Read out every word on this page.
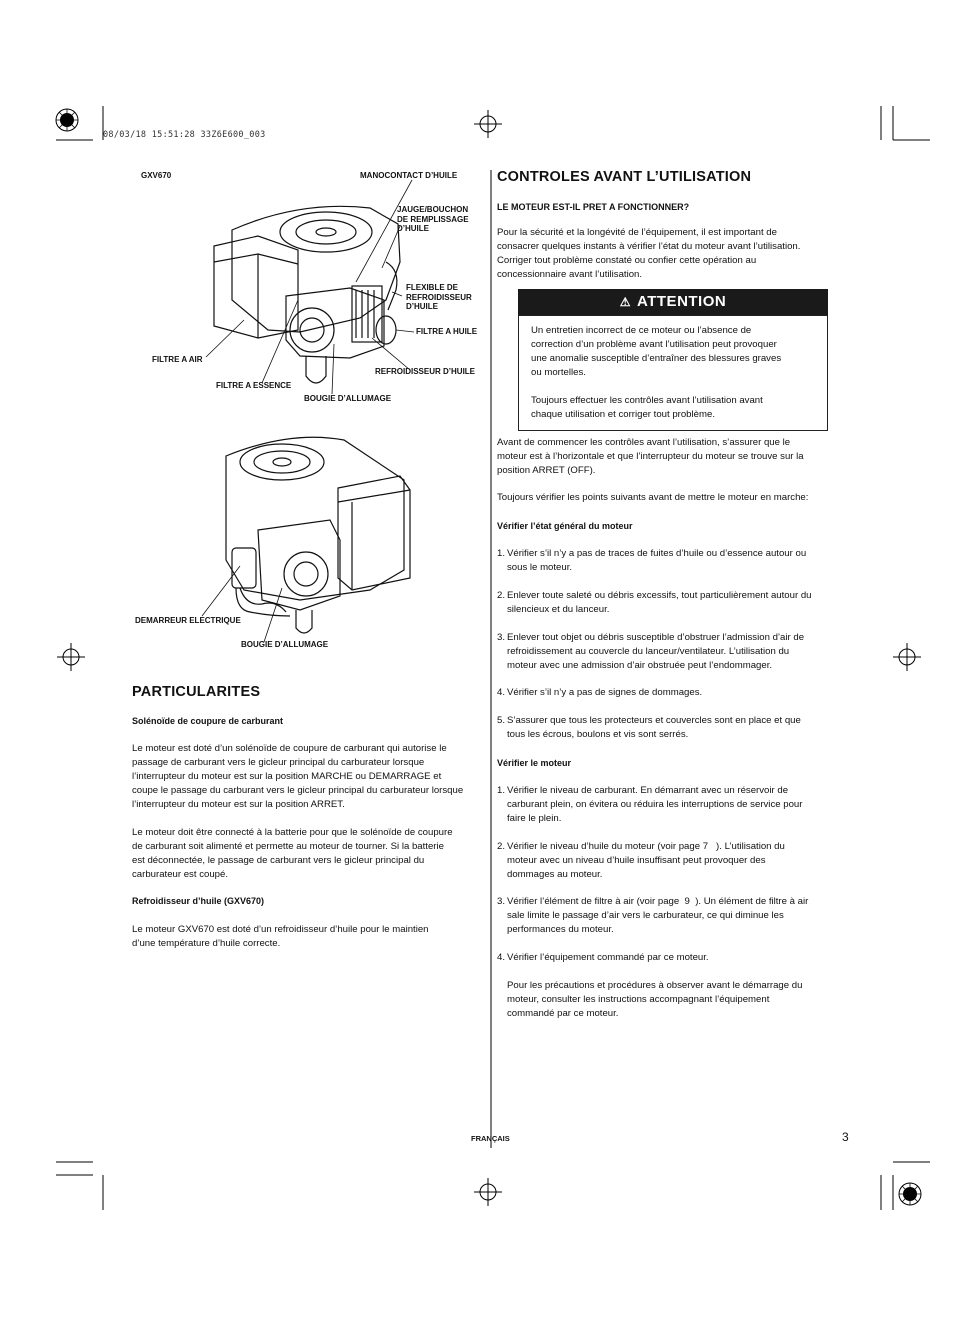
08/03/18 15:51:28 33Z6E600_003
GXV670	MANOCONTACT D’HUILE
JAUGE/BOUCHON
DE REMPLISSAGE
D’HUILE
FLEXIBLE DE
REFROIDISSEUR
D’HUILE
FILTRE A HUILE
REFROIDISSEUR D’HUILE
FILTRE A AIR
FILTRE A ESSENCE
BOUGIE D’ALLUMAGE
DEMARREUR ELECTRIQUE
BOUGIE D’ALLUMAGE
PARTICULARITES
Solénoïde de coupure de carburant
Le moteur est doté d’un solénoïde de coupure de carburant qui autorise le
passage de carburant vers le gicleur principal du carburateur lorsque
l’interrupteur du moteur est sur la position MARCHE ou DEMARRAGE et
coupe le passage du carburant vers le gicleur principal du carburateur lorsque
l’interrupteur du moteur est sur la position ARRET.
Le moteur doit être connecté à la batterie pour que le solénoïde de coupure
de carburant soit alimenté et permette au moteur de tourner. Si la batterie
est déconnectée, le passage de carburant vers le gicleur principal du
carburateur est coupé.
Refroidisseur d’huile (GXV670)
Le moteur GXV670 est doté d’un refroidisseur d’huile pour le maintien
d’une température d’huile correcte.
CONTROLES AVANT L’UTILISATION
LE MOTEUR EST-IL PRET A FONCTIONNER?
Pour la sécurité et la longévité de l’équipement, il est important de
consacrer quelques instants à vérifier l’état du moteur avant l’utilisation.
Corriger tout problème constaté ou confier cette opération au
concessionnaire avant l’utilisation.
⚠ ATTENTION
Un entretien incorrect de ce moteur ou l’absence de
correction d’un problème avant l’utilisation peut provoquer
une anomalie susceptible d’entraîner des blessures graves
ou mortelles.
Toujours effectuer les contrôles avant l’utilisation avant
chaque utilisation et corriger tout problème.
Avant de commencer les contrôles avant l’utilisation, s’assurer que le
moteur est à l’horizontale et que l’interrupteur du moteur se trouve sur la
position ARRET (OFF).
Toujours vérifier les points suivants avant de mettre le moteur en marche:
Vérifier l’état général du moteur
1. Vérifier s’il n’y a pas de traces de fuites d’huile ou d’essence autour ou
sous le moteur.
2. Enlever toute saleté ou débris excessifs, tout particulièrement autour du
silencieux et du lanceur.
3. Enlever tout objet ou débris susceptible d’obstruer l’admission d’air de
refroidissement au couvercle du lanceur/ventilateur. L’utilisation du
moteur avec une admission d’air obstruée peut l’endommager.
4. Vérifier s’il n’y a pas de signes de dommages.
5. S’assurer que tous les protecteurs et couvercles sont en place et que
tous les écrous, boulons et vis sont serrés.
Vérifier le moteur
1. Vérifier le niveau de carburant. En démarrant avec un réservoir de
carburant plein, on évitera ou réduira les interruptions de service pour
faire le plein.
2. Vérifier le niveau d’huile du moteur (voir page 7   ). L’utilisation du
moteur avec un niveau d’huile insuffisant peut provoquer des
dommages au moteur.
3. Vérifier l’élément de filtre à air (voir page  9  ). Un élément de filtre à air
sale limite le passage d’air vers le carburateur, ce qui diminue les
performances du moteur.
4. Vérifier l’équipement commandé par ce moteur.
Pour les précautions et procédures à observer avant le démarrage du
moteur, consulter les instructions accompagnant l’équipement
commandé par ce moteur.
FRANÇAIS	3
